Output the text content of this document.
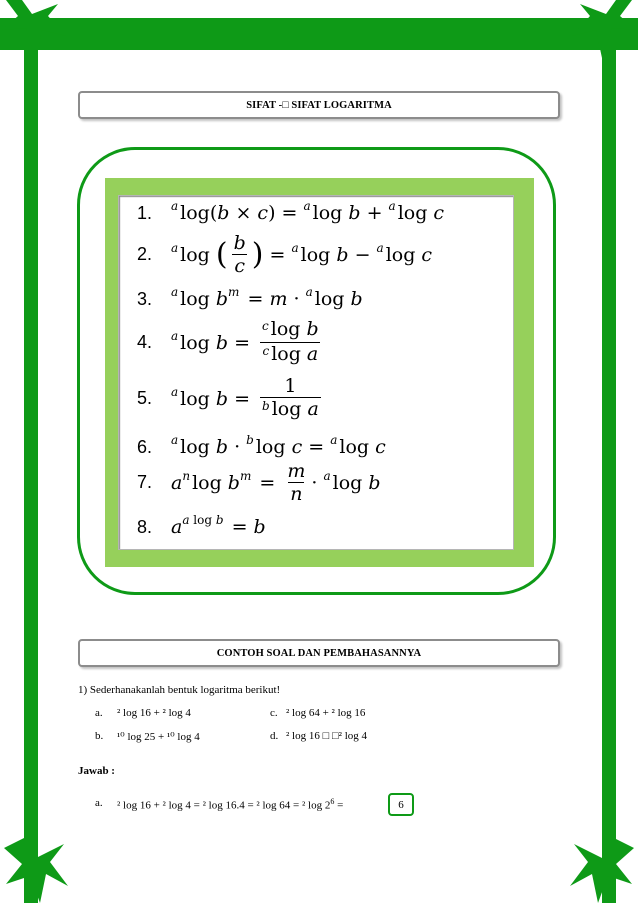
SIFAT -□ SIFAT LOGARITMA
1.	a log( b × c ) = a log b + a log c
2.	a log ( $\frac{b}{c}$ ) = a log b − a log c
3.	a log b m = m · a log b
4.	a $\log b = \frac{^c \log b}{^c \log a}$
5.	a $\log b = \frac{1}{^b \log a}$
6.	a log b · b log c = a log c
7. a n log b $m = \frac{m}{n} \cdot a$ log b
8. a a log b = b
CONTOH SOAL DAN PEMBAHASANNYA
1) Sederhanakanlah bentuk logaritma berikut!
a. ² log 16 + ² log 4	c. ² log 64 + ² log 16
b. ¹⁰ log 25 + ¹⁰ log 4	d. ² log 16 □ □² log 4
Jawab :
a. ² log 16 + ² log 4 = ² log 16.4 = ² log 64 = ² $\log 2^6$ =	6
